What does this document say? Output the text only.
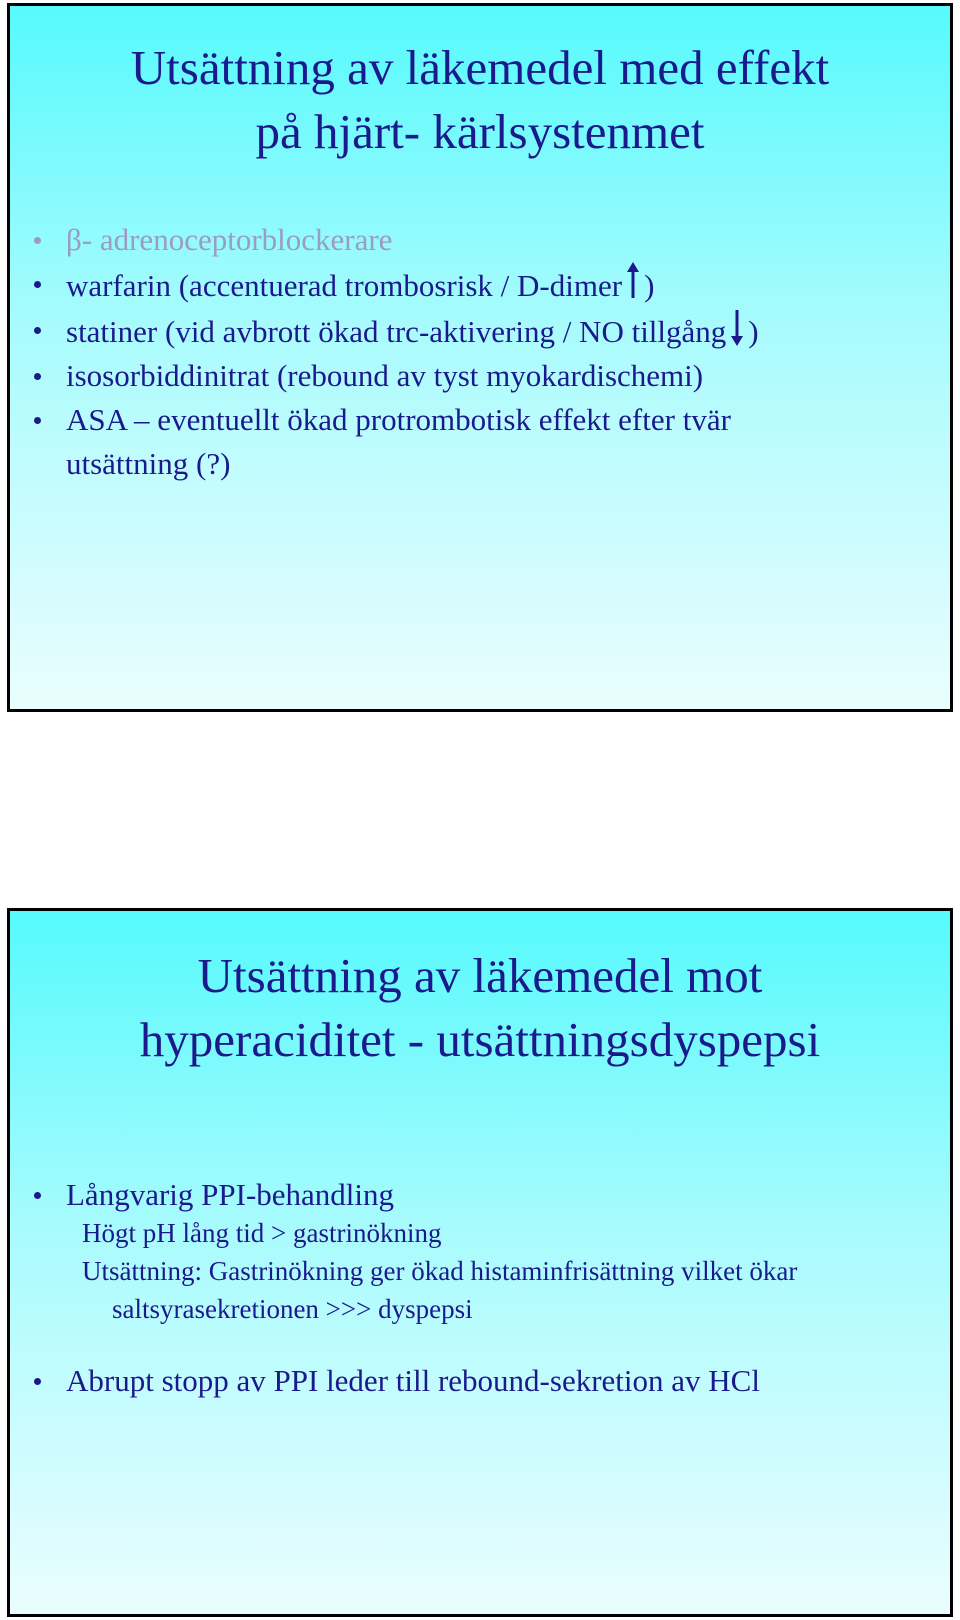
Utsättning av läkemedel med effekt
på hjärt- kärlsystenmet
β- adrenoceptorblockerare
warfarin (accentuerad trombosrisk / D-dimer )
statiner (vid avbrott ökad trc-aktivering / NO tillgång )
isosorbiddinitrat (rebound av tyst myokardischemi)
ASA – eventuellt ökad protrombotisk effekt efter tvär
utsättning (?)
Utsättning av läkemedel mot
hyperaciditet - utsättningsdyspepsi
Långvarig PPI-behandling

Högt pH lång tid > gastrinökning

Utsättning: Gastrinökning ger ökad histaminfrisättning vilket ökar

saltsyrasekretionen >>> dyspepsi

Abrupt stopp av PPI leder till rebound-sekretion av HCl
